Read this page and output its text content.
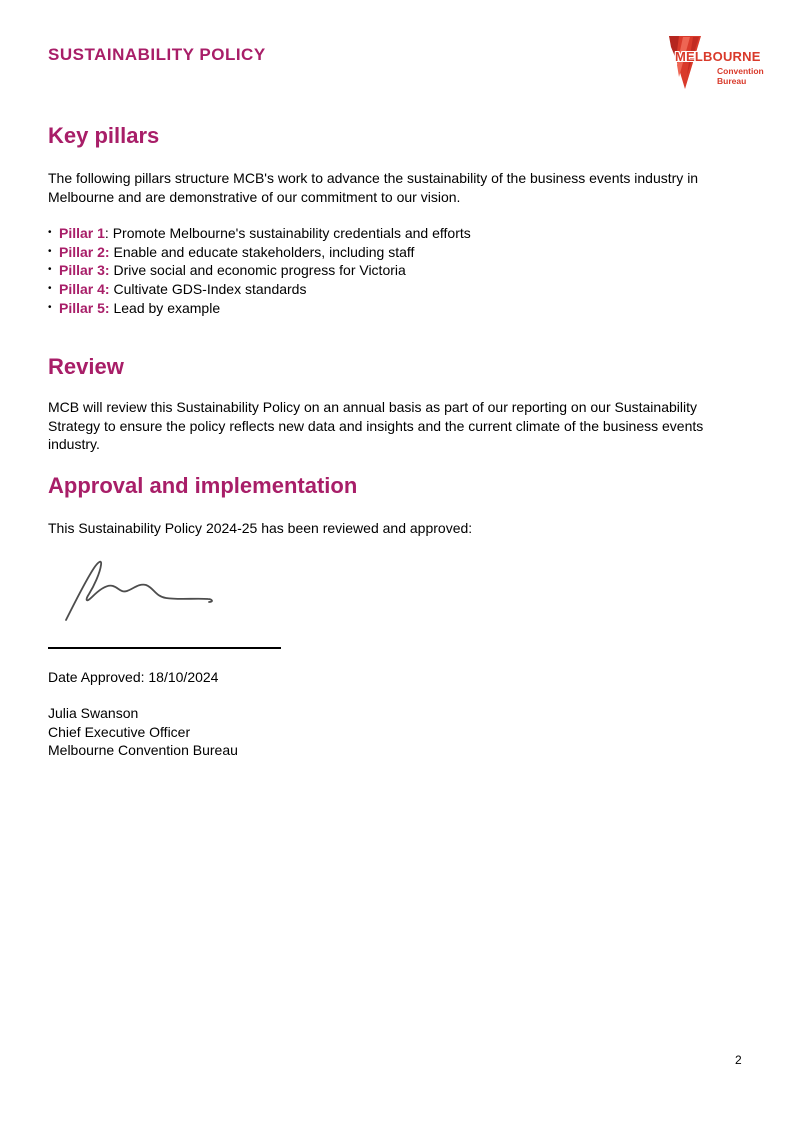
SUSTAINABILITY POLICY	MELBOURNE
Convention
Bureau
Key pillars

The following pillars structure MCB's work to advance the sustainability of the business events industry in Melbourne and are demonstrative of our commitment to our vision.

• Pillar 1: Promote Melbourne's sustainability credentials and efforts
• Pillar 2: Enable and educate stakeholders, including staff
• Pillar 3: Drive social and economic progress for Victoria
• Pillar 4: Cultivate GDS-Index standards
• Pillar 5: Lead by example
Review

MCB will review this Sustainability Policy on an annual basis as part of our reporting on our Sustainability Strategy to ensure the policy reflects new data and insights and the current climate of the business events industry.

Approval and implementation

This Sustainability Policy 2024-25 has been reviewed and approved:

Date Approved: 18/10/2024

Julia Swanson
Chief Executive Officer
Melbourne Convention Bureau
2
